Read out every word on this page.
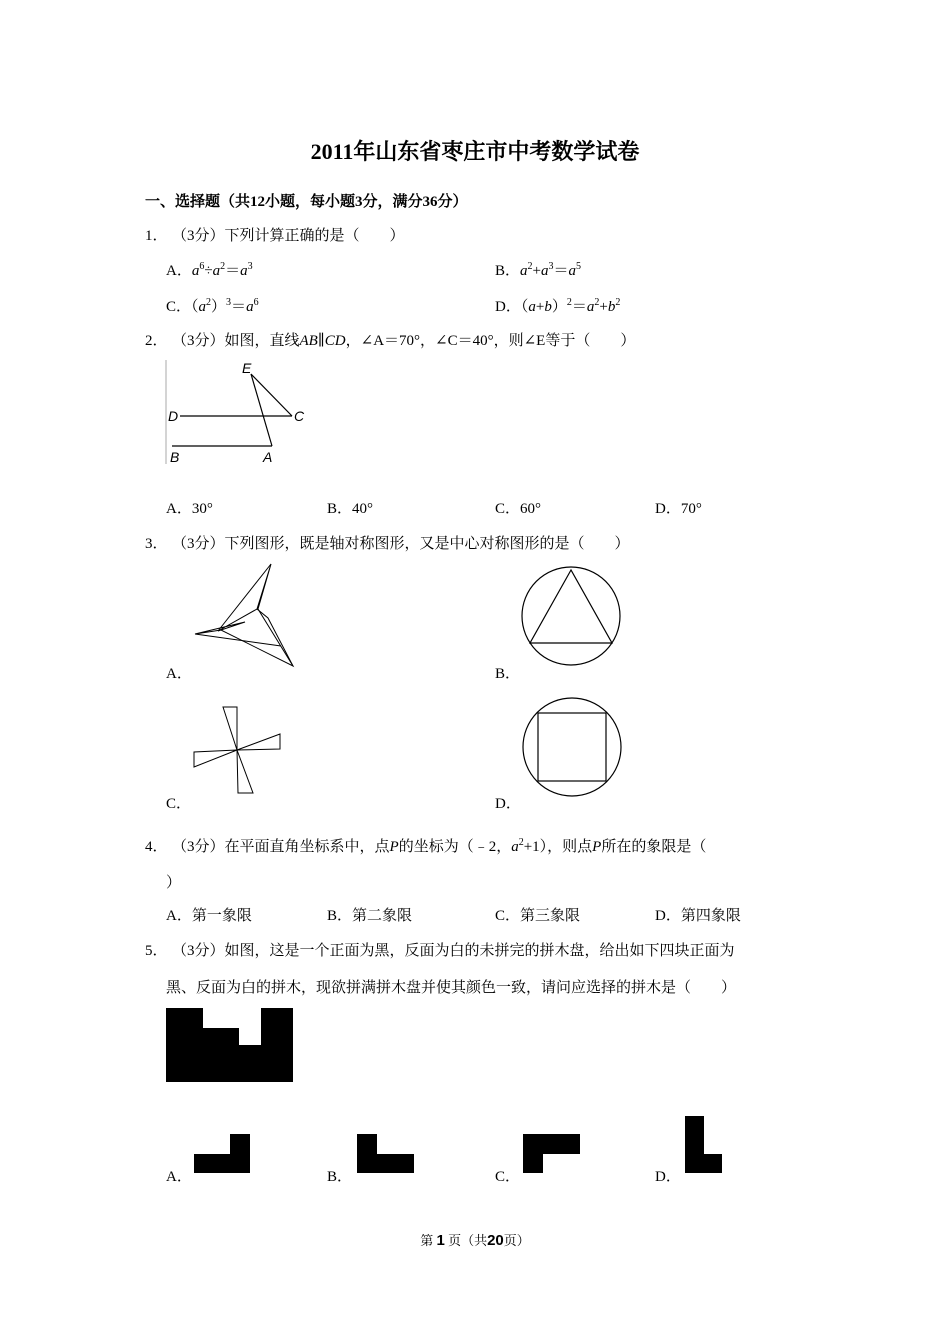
2011年山东省枣庄市中考数学试卷
一、选择题（共12小题，每小题3分，满分36分）
1． （3分）下列计算正确的是（　　）
A．$a^6\div a^2=a^3$	B．$a^2+a^3=a^5$
C．$(a^2)^3=a^6$	D．$(a+b)^2=a^2+b^2$
2． （3分）如图，直线AB∥CD，∠A＝70°，∠C＝40°，则∠E等于（　　）
E
D	C
B	A
A．30°	B．40°	C．60°	D．70°
3． （3分）下列图形，既是轴对称图形，又是中心对称图形的是（　　）
A．	B．
C．	D．
4． （3分）在平面直角坐标系中，点P的坐标为（﹣2，$a^2+1$），则点P所在的象限是（
）
A．第一象限	B．第二象限	C．第三象限	D．第四象限
5． （3分）如图，这是一个正面为黑，反面为白的未拼完的拼木盘，给出如下四块正面为
黑、反面为白的拼木，现欲拼满拼木盘并使其颜色一致，请问应选择的拼木是（　　）
A．	B．	C．	D．
第 1 页（共20页）
